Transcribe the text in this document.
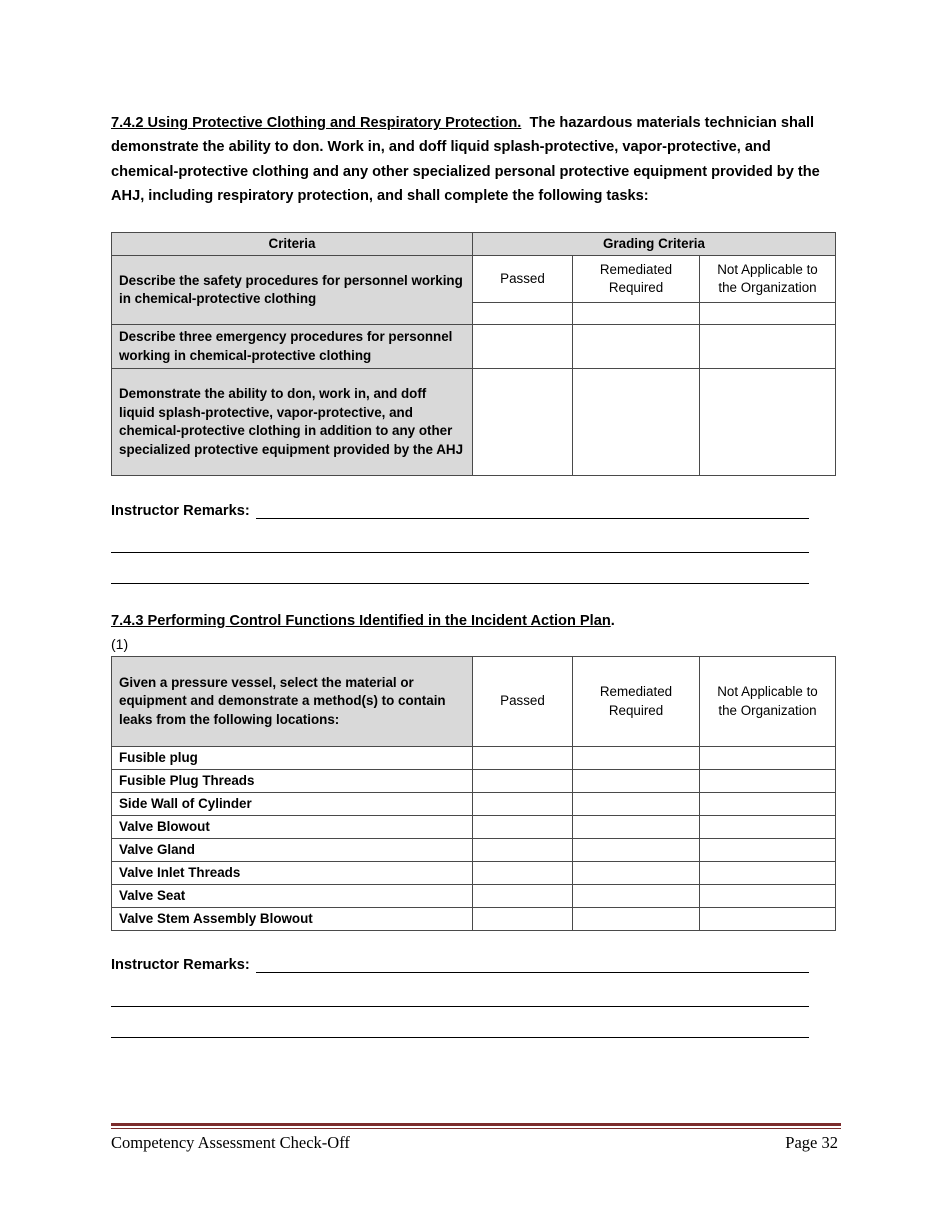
7.4.2 Using Protective Clothing and Respiratory Protection. The hazardous materials technician shall demonstrate the ability to don. Work in, and doff liquid splash-protective, vapor-protective, and chemical-protective clothing and any other specialized personal protective equipment provided by the AHJ, including respiratory protection, and shall complete the following tasks:
Criteria	Grading Criteria		
Describe the safety procedures for personnel working in chemical-protective clothing	Passed	Remediated Required	Not Applicable to the Organization

Describe three emergency procedures for personnel working in chemical-protective clothing			
Demonstrate the ability to don, work in, and doff liquid splash-protective, vapor-protective, and chemical-protective clothing in addition to any other specialized protective equipment provided by the AHJ			
Instructor Remarks:
7.4.3 Performing Control Functions Identified in the Incident Action Plan.
(1)
Given a pressure vessel, select the material or equipment and demonstrate a method(s) to contain leaks from the following locations:	Passed	Remediated Required	Not Applicable to the Organization
Fusible plug			
Fusible Plug Threads			
Side Wall of Cylinder			
Valve Blowout			
Valve Gland			
Valve Inlet Threads			
Valve Seat			
Valve Stem Assembly Blowout			
Instructor Remarks:
Competency Assessment Check-Off	Page 32
